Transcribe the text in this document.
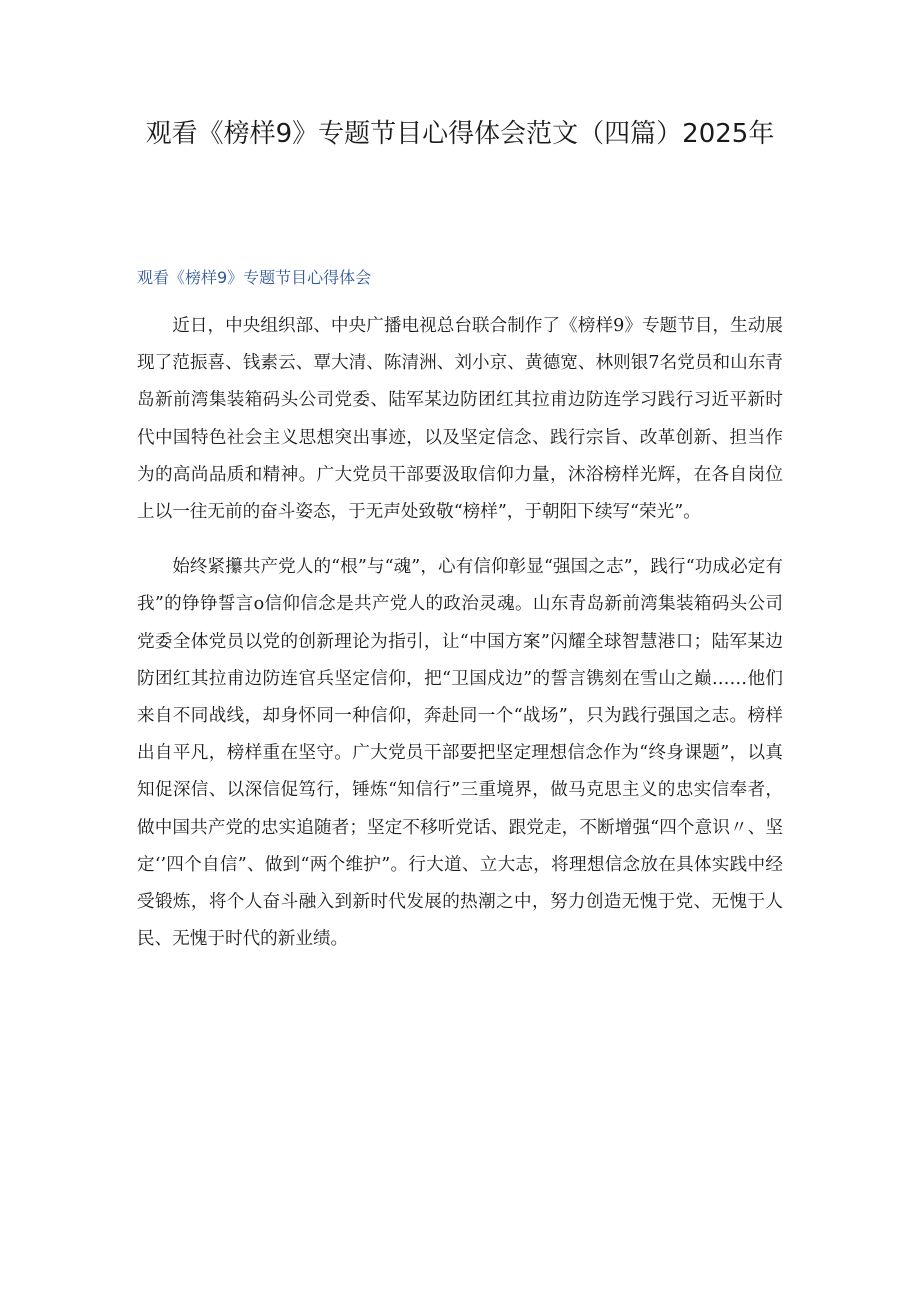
观看《榜样9》专题节目心得体会范文（四篇）2025年
观看《榜样9》专题节目心得体会

近日，中央组织部、中央广播电视总台联合制作了《榜样9》专题节目，生动展现了范振喜、钱素云、覃大清、陈清洲、刘小京、黄德宽、林则银7名党员和山东青岛新前湾集装箱码头公司党委、陆军某边防团红其拉甫边防连学习践行习近平新时代中国特色社会主义思想突出事迹，以及坚定信念、践行宗旨、改革创新、担当作为的高尚品质和精神。广大党员干部要汲取信仰力量，沐浴榜样光辉，在各自岗位上以一往无前的奋斗姿态，于无声处致敬“榜样”，于朝阳下续写“荣光”。

始终紧攥共产党人的“根”与“魂”，心有信仰彰显“强国之志”，践行“功成必定有我”的铮铮誓言o信仰信念是共产党人的政治灵魂。山东青岛新前湾集装箱码头公司党委全体党员以党的创新理论为指引，让“中国方案”闪耀全球智慧港口；陆军某边防团红其拉甫边防连官兵坚定信仰，把“卫国戍边”的誓言镌刻在雪山之巅……他们来自不同战线，却身怀同一种信仰，奔赴同一个“战场”，只为践行强国之志。榜样出自平凡，榜样重在坚守。广大党员干部要把坚定理想信念作为“终身课题”，以真知促深信、以深信促笃行，锤炼“知信行”三重境界，做马克思主义的忠实信奉者，做中国共产党的忠实追随者；坚定不移听党话、跟党走，不断增强“四个意识〃、坚定‘’四个自信”、做到“两个维护”。行大道、立大志，将理想信念放在具体实践中经受锻炼，将个人奋斗融入到新时代发展的热潮之中，努力创造无愧于党、无愧于人民、无愧于时代的新业绩。
